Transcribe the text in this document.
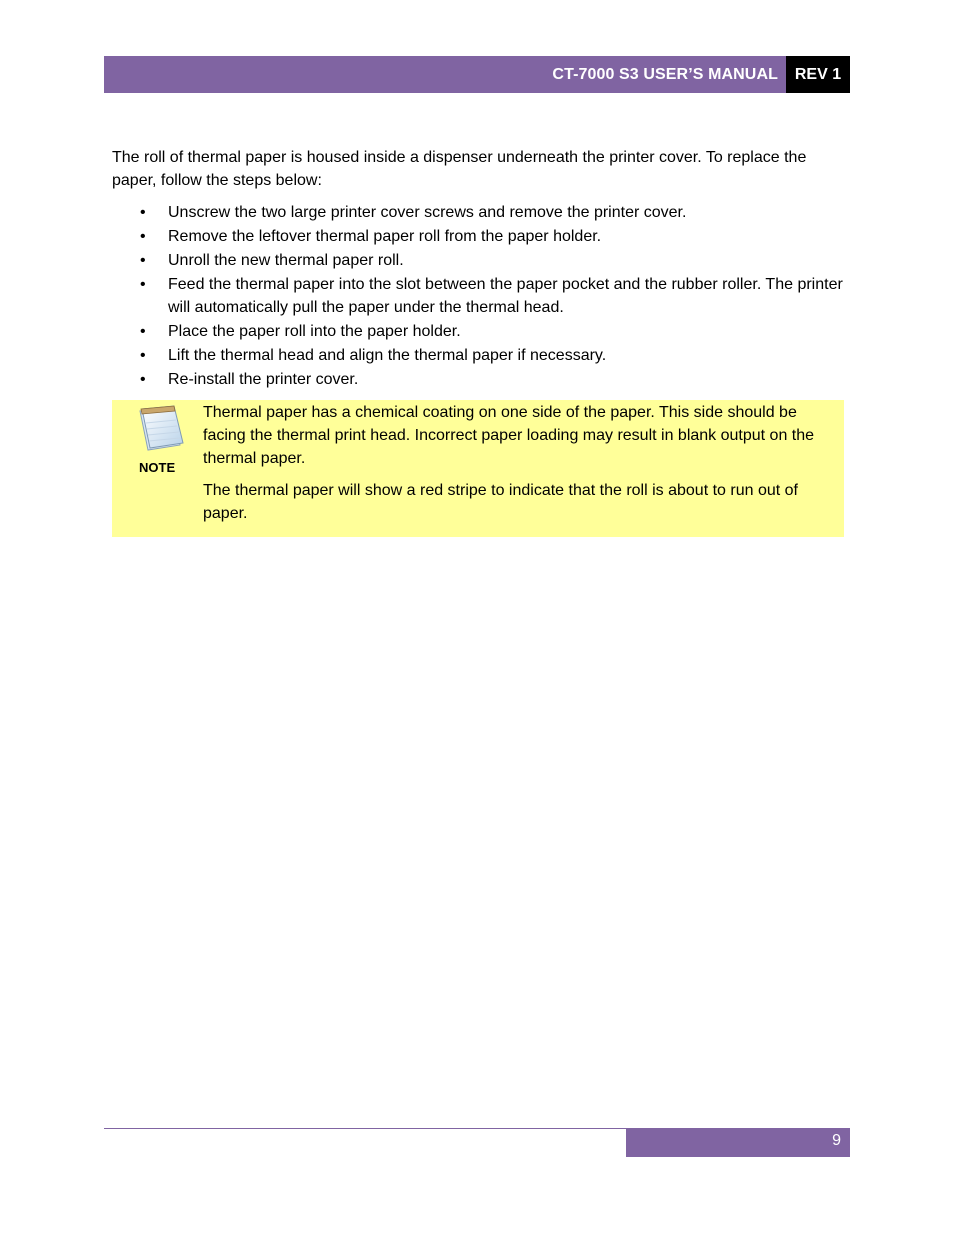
CT-7000 S3 USER’S MANUAL	REV 1

The roll of thermal paper is housed inside a dispenser underneath the printer cover. To replace the paper, follow the steps below:

• Unscrew the two large printer cover screws and remove the printer cover.
• Remove the leftover thermal paper roll from the paper holder.
• Unroll the new thermal paper roll.
• Feed the thermal paper into the slot between the paper pocket and the rubber roller. The printer will automatically pull the paper under the thermal head.
• Place the paper roll into the paper holder.
• Lift the thermal head and align the thermal paper if necessary.
• Re-install the printer cover.
NOTE

Thermal paper has a chemical coating on one side of the paper. This side should be facing the thermal print head. Incorrect paper loading may result in blank output on the thermal paper.

The thermal paper will show a red stripe to indicate that the roll is about to run out of paper.

9
